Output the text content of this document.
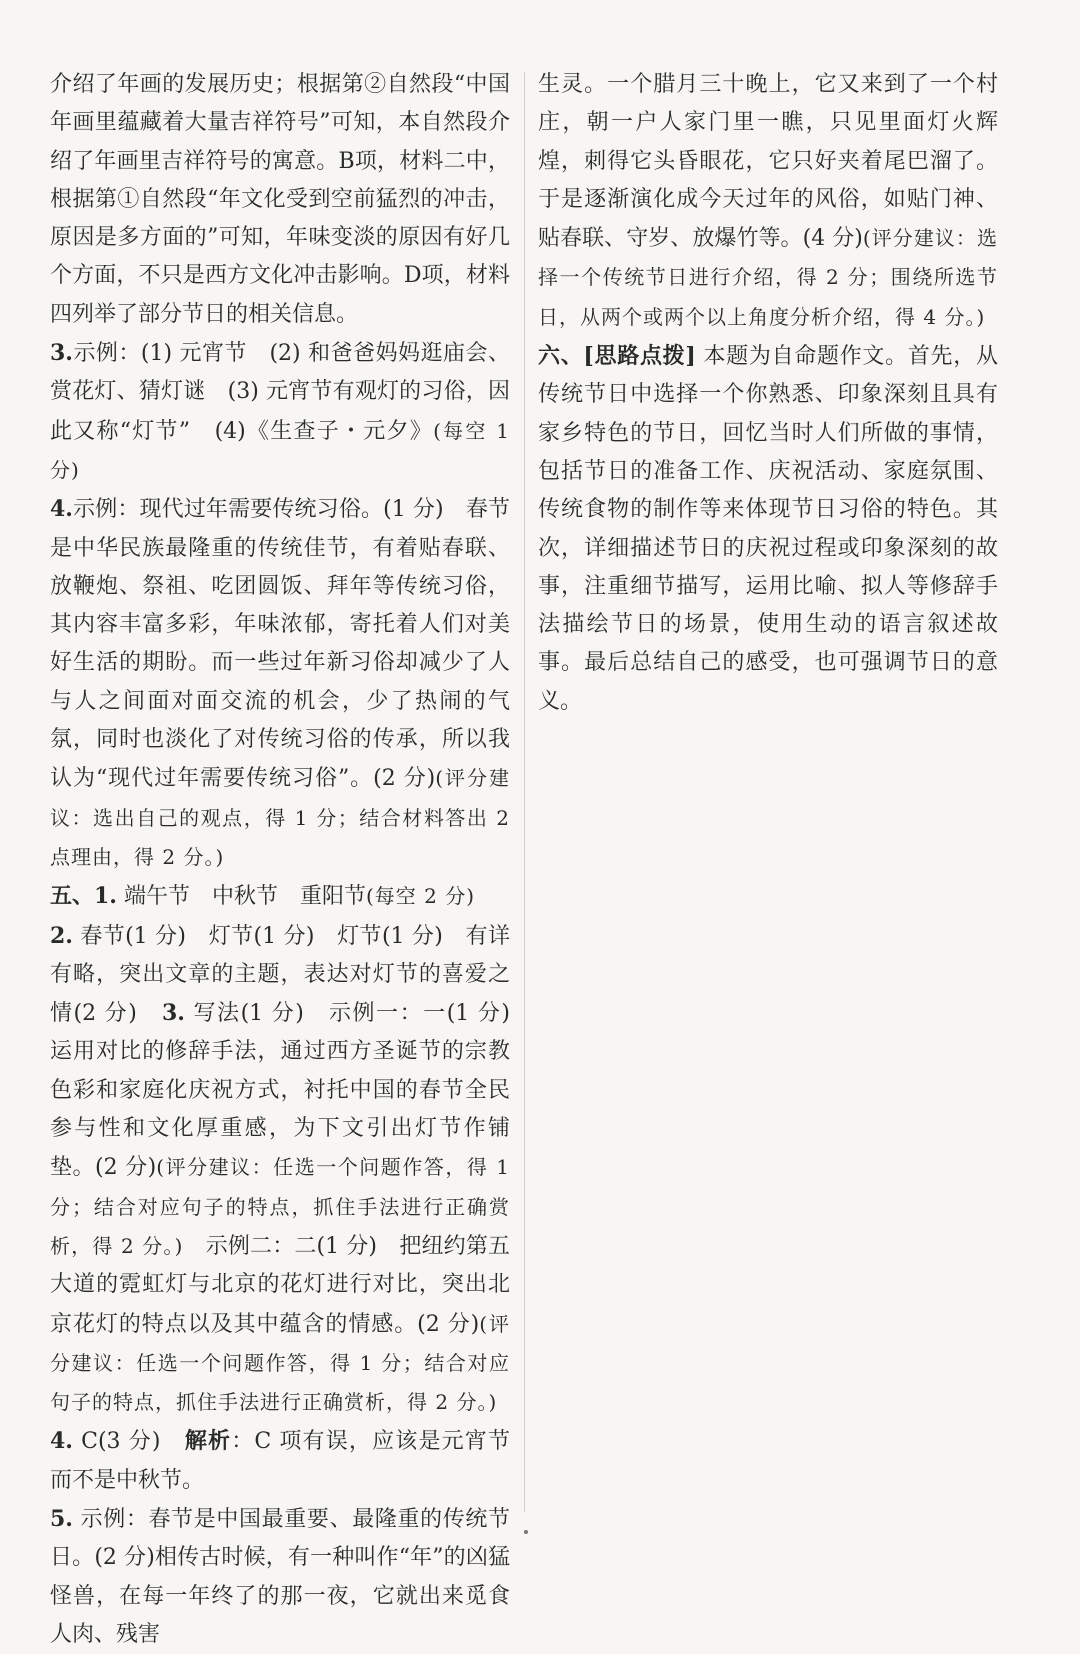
介绍了年画的发展历史；根据第②自然段“中国年画里蕴藏着大量吉祥符号”可知，本自然段介绍了年画里吉祥符号的寓意。B项，材料二中，根据第①自然段“年文化受到空前猛烈的冲击，原因是多方面的”可知，年味变淡的原因有好几个方面，不只是西方文化冲击影响。D项，材料四列举了部分节日的相关信息。

3.示例：(1) 元宵节　(2) 和爸爸妈妈逛庙会、赏花灯、猜灯谜　(3) 元宵节有观灯的习俗，因此又称“灯节”　(4)《生查子・元夕》(每空 1 分)

4.示例：现代过年需要传统习俗。(1 分)　春节是中华民族最隆重的传统佳节，有着贴春联、放鞭炮、祭祖、吃团圆饭、拜年等传统习俗，其内容丰富多彩，年味浓郁，寄托着人们对美好生活的期盼。而一些过年新习俗却减少了人与人之间面对面交流的机会，少了热闹的气氛，同时也淡化了对传统习俗的传承，所以我认为“现代过年需要传统习俗”。(2 分)(评分建议：选出自己的观点，得 1 分；结合材料答出 2 点理由，得 2 分。)

五、1. 端午节　中秋节　重阳节(每空 2 分)

2. 春节(1 分)　灯节(1 分)　灯节(1 分)　有详有略，突出文章的主题，表达对灯节的喜爱之情(2 分)　3. 写法(1 分)　示例一：一(1 分)　运用对比的修辞手法，通过西方圣诞节的宗教色彩和家庭化庆祝方式，衬托中国的春节全民参与性和文化厚重感，为下文引出灯节作铺垫。(2 分)(评分建议：任选一个问题作答，得 1 分；结合对应句子的特点，抓住手法进行正确赏析，得 2 分。)　示例二：二(1 分)　把纽约第五大道的霓虹灯与北京的花灯进行对比，突出北京花灯的特点以及其中蕴含的情感。(2 分)(评分建议：任选一个问题作答，得 1 分；结合对应句子的特点，抓住手法进行正确赏析，得 2 分。)

4. C(3 分)　解析：C 项有误，应该是元宵节而不是中秋节。

5. 示例：春节是中国最重要、最隆重的传统节日。(2 分)相传古时候，有一种叫作“年”的凶猛怪兽，在每一年终了的那一夜，它就出来觅食人肉、残害

生灵。一个腊月三十晚上，它又来到了一个村庄，朝一户人家门里一瞧，只见里面灯火辉煌，刺得它头昏眼花，它只好夹着尾巴溜了。于是逐渐演化成今天过年的风俗，如贴门神、贴春联、守岁、放爆竹等。(4 分)(评分建议：选择一个传统节日进行介绍，得 2 分；围绕所选节日，从两个或两个以上角度分析介绍，得 4 分。)

六、[思路点拨] 本题为自命题作文。首先，从传统节日中选择一个你熟悉、印象深刻且具有家乡特色的节日，回忆当时人们所做的事情，包括节日的准备工作、庆祝活动、家庭氛围、传统食物的制作等来体现节日习俗的特色。其次，详细描述节日的庆祝过程或印象深刻的故事，注重细节描写，运用比喻、拟人等修辞手法描绘节日的场景，使用生动的语言叙述故事。最后总结自己的感受，也可强调节日的意义。
